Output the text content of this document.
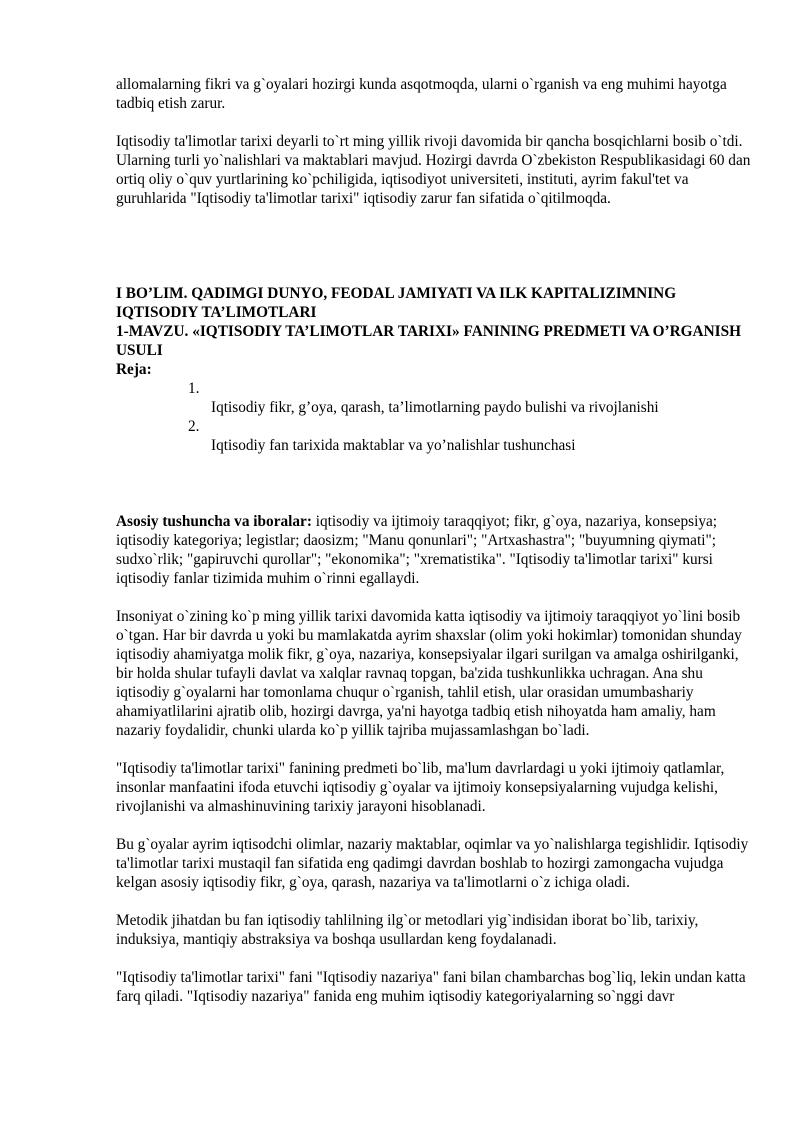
allomalarning fikri va g`oyalari hozirgi kunda asqotmoqda, ularni o`rganish va eng muhimi hayotga tadbiq etish zarur.

Iqtisodiy ta'limotlar tarixi deyarli to`rt ming yillik rivoji davomida bir qancha bosqichlarni bosib o`tdi. Ularning turli yo`nalishlari va maktablari mavjud. Hozirgi davrda O`zbekiston Respublikasidagi 60 dan ortiq oliy o`quv yurtlarining ko`pchiligida, iqtisodiyot universiteti, instituti, ayrim fakul'tet va guruhlarida "Iqtisodiy ta'limotlar tarixi" iqtisodiy zarur fan sifatida o`qitilmoqda.

I BO’LIM. QADIMGI DUNYO, FEODAL JAMIYATI VA ILK KAPITALIZIMNING IQTISODIY TA’LIMOTLARI

1-MAVZU. «IQTISODIY TA’LIMOTLAR TARIXI» FANINING PREDMETI VA O’RGANISH USULI

Reja:

1.
Iqtisodiy fikr, g’oya, qarash, ta’limotlarning paydo bulishi va rivojlanishi
2.
Iqtisodiy fan tarixida maktablar va yo’nalishlar tushunchasi

Asosiy tushuncha va iboralar: iqtisodiy va ijtimoiy taraqqiyot; fikr, g`oya, nazariya, konsepsiya; iqtisodiy kategoriya; legistlar; daosizm; "Manu qonunlari"; "Artxashastra"; "buyumning qiymati"; sudxo`rlik; "gapiruvchi qurollar"; "ekonomika"; "xrematistika". "Iqtisodiy ta'limotlar tarixi" kursi iqtisodiy fanlar tizimida muhim o`rinni egallaydi.

Insoniyat o`zining ko`p ming yillik tarixi davomida katta iqtisodiy va ijtimoiy taraqqiyot yo`lini bosib o`tgan. Har bir davrda u yoki bu mamlakatda ayrim shaxslar (olim yoki hokimlar) tomonidan shunday iqtisodiy ahamiyatga molik fikr, g`oya, nazariya, konsepsiyalar ilgari surilgan va amalga oshirilganki, bir holda shular tufayli davlat va xalqlar ravnaq topgan, ba'zida tushkunlikka uchragan. Ana shu iqtisodiy g`oyalarni har tomonlama chuqur o`rganish, tahlil etish, ular orasidan umumbashariy ahamiyatlilarini ajratib olib, hozirgi davrga, ya'ni hayotga tadbiq etish nihoyatda ham amaliy, ham nazariy foydalidir, chunki ularda ko`p yillik tajriba mujassamlashgan bo`ladi.

"Iqtisodiy ta'limotlar tarixi" fanining predmeti bo`lib, ma'lum davrlardagi u yoki ijtimoiy qatlamlar, insonlar manfaatini ifoda etuvchi iqtisodiy g`oyalar va ijtimoiy konsepsiyalarning vujudga kelishi, rivojlanishi va almashinuvining tarixiy jarayoni hisoblanadi.

Bu g`oyalar ayrim iqtisodchi olimlar, nazariy maktablar, oqimlar va yo`nalishlarga tegishlidir. Iqtisodiy ta'limotlar tarixi mustaqil fan sifatida eng qadimgi davrdan boshlab to hozirgi zamongacha vujudga kelgan asosiy iqtisodiy fikr, g`oya, qarash, nazariya va ta'limotlarni o`z ichiga oladi.

Metodik jihatdan bu fan iqtisodiy tahlilning ilg`or metodlari yig`indisidan iborat bo`lib, tarixiy, induksiya, mantiqiy abstraksiya va boshqa usullardan keng foydalanadi.

"Iqtisodiy ta'limotlar tarixi" fani "Iqtisodiy nazariya" fani bilan chambarchas bog`liq, lekin undan katta farq qiladi. "Iqtisodiy nazariya" fanida eng muhim iqtisodiy kategoriyalarning so`nggi davr
